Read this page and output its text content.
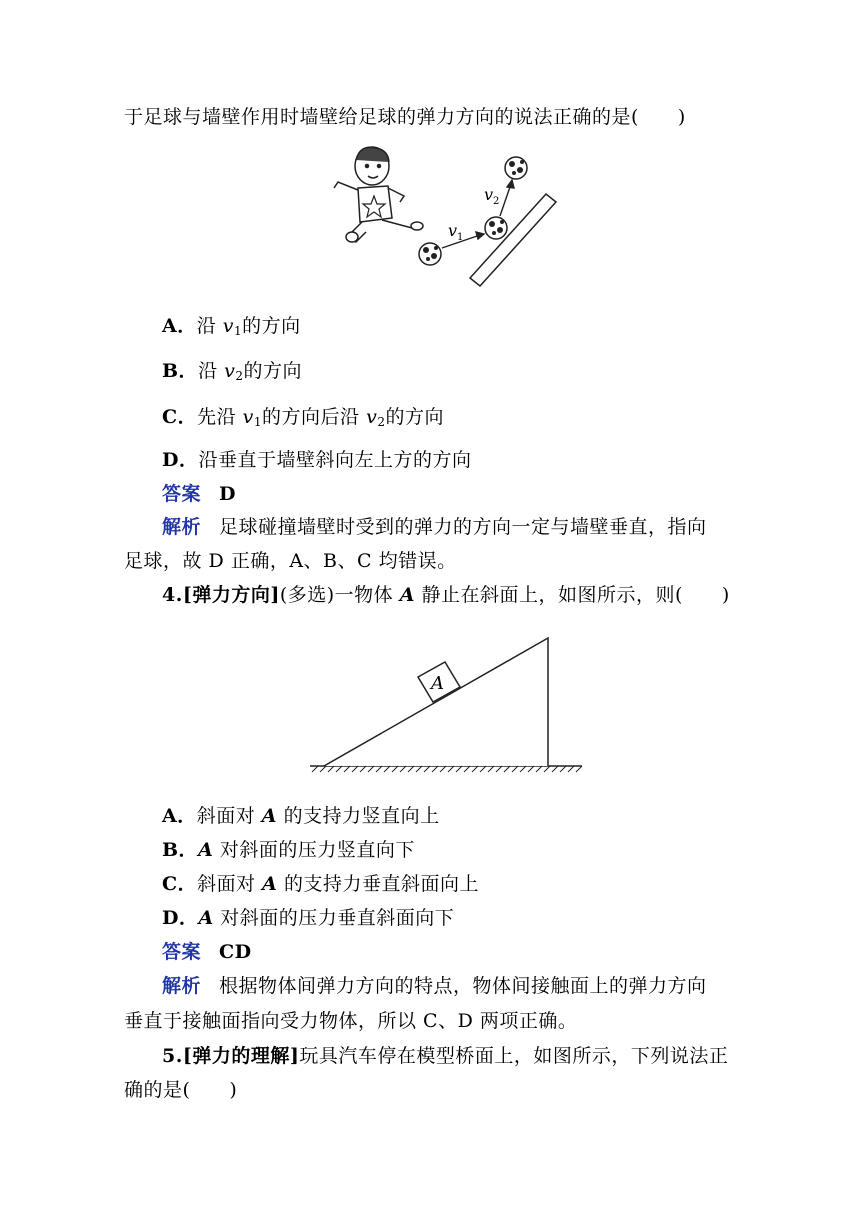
于足球与墙壁作用时墙壁给足球的弹力方向的说法正确的是(　　)
$v_1$
$v_2$
A．沿 $v_1$的方向
B．沿 $v_2$的方向
C．先沿 $v_1$的方向后沿 $v_2$的方向
D．沿垂直于墙壁斜向左上方的方向
答案 D
解析 足球碰撞墙壁时受到的弹力的方向一定与墙壁垂直，指向
足球，故 D 正确，A、B、C 均错误。
4.[弹力方向](多选)一物体 A 静止在斜面上，如图所示，则(　　)
A
A．斜面对 A 的支持力竖直向上
B．A 对斜面的压力竖直向下
C．斜面对 A 的支持力垂直斜面向上
D．A 对斜面的压力垂直斜面向下
答案 CD
解析 根据物体间弹力方向的特点，物体间接触面上的弹力方向
垂直于接触面指向受力物体，所以 C、D 两项正确。
5.[弹力的理解]玩具汽车停在模型桥面上，如图所示，下列说法正
确的是(　　)
